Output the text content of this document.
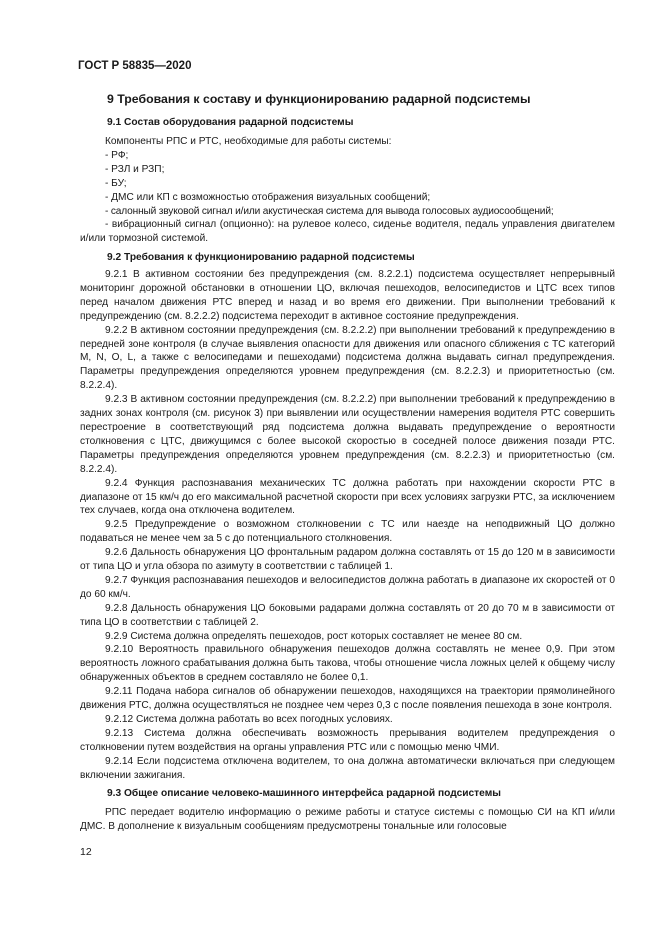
ГОСТ Р 58835—2020

9 Требования к составу и функционированию радарной подсистемы
9.1 Состав оборудования радарной подсистемы

Компоненты РПС и РТС, необходимые для работы системы:

- РФ;

- РЗЛ и РЗП;

- БУ;

- ДМС или КП с возможностью отображения визуальных сообщений;

- салонный звуковой сигнал и/или акустическая система для вывода голосовых аудиосообщений;

- вибрационный сигнал (опционно): на рулевое колесо, сиденье водителя, педаль управления двигателем и/или тормозной системой.

9.2 Требования к функционированию радарной подсистемы

9.2.1 В активном состоянии без предупреждения (см. 8.2.2.1) подсистема осуществляет непрерывный мониторинг дорожной обстановки в отношении ЦО, включая пешеходов, велосипедистов и ЦТС всех типов перед началом движения РТС вперед и назад и во время его движении. При выполнении требований к предупреждению (см. 8.2.2.2) подсистема переходит в активное состояние предупреждения.

9.2.2 В активном состоянии предупреждения (см. 8.2.2.2) при выполнении требований к предупреждению в передней зоне контроля (в случае выявления опасности для движения или опасного сближения с ТС категорий M, N, O, L, а также с велосипедами и пешеходами) подсистема должна выдавать сигнал предупреждения. Параметры предупреждения определяются уровнем предупреждения (см. 8.2.2.3) и приоритетностью (см. 8.2.2.4).

9.2.3 В активном состоянии предупреждения (см. 8.2.2.2) при выполнении требований к предупреждению в задних зонах контроля (см. рисунок 3) при выявлении или осуществлении намерения водителя РТС совершить перестроение в соответствующий ряд подсистема должна выдавать предупреждение о вероятности столкновения с ЦТС, движущимся с более высокой скоростью в соседней полосе движения позади РТС. Параметры предупреждения определяются уровнем предупреждения (см. 8.2.2.3) и приоритетностью (см. 8.2.2.4).

9.2.4 Функция распознавания механических ТС должна работать при нахождении скорости РТС в диапазоне от 15 км/ч до его максимальной расчетной скорости при всех условиях загрузки РТС, за исключением тех случаев, когда она отключена водителем.

9.2.5 Предупреждение о возможном столкновении с ТС или наезде на неподвижный ЦО должно подаваться не менее чем за 5 с до потенциального столкновения.

9.2.6 Дальность обнаружения ЦО фронтальным радаром должна составлять от 15 до 120 м в зависимости от типа ЦО и угла обзора по азимуту в соответствии с таблицей 1.

9.2.7 Функция распознавания пешеходов и велосипедистов должна работать в диапазоне их скоростей от 0 до 60 км/ч.

9.2.8 Дальность обнаружения ЦО боковыми радарами должна составлять от 20 до 70 м в зависимости от типа ЦО в соответствии с таблицей 2.

9.2.9 Система должна определять пешеходов, рост которых составляет не менее 80 см.

9.2.10 Вероятность правильного обнаружения пешеходов должна составлять не менее 0,9. При этом вероятность ложного срабатывания должна быть такова, чтобы отношение числа ложных целей к общему числу обнаруженных объектов в среднем составляло не более 0,1.

9.2.11 Подача набора сигналов об обнаружении пешеходов, находящихся на траектории прямолинейного движения РТС, должна осуществляться не позднее чем через 0,3 с после появления пешехода в зоне контроля.

9.2.12 Система должна работать во всех погодных условиях.

9.2.13 Система должна обеспечивать возможность прерывания водителем предупреждения о столкновении путем воздействия на органы управления РТС или с помощью меню ЧМИ.

9.2.14 Если подсистема отключена водителем, то она должна автоматически включаться при следующем включении зажигания.

9.3 Общее описание человеко-машинного интерфейса радарной подсистемы

РПС передает водителю информацию о режиме работы и статусе системы с помощью СИ на КП и/или ДМС. В дополнение к визуальным сообщениям предусмотрены тональные или голосовые

12
